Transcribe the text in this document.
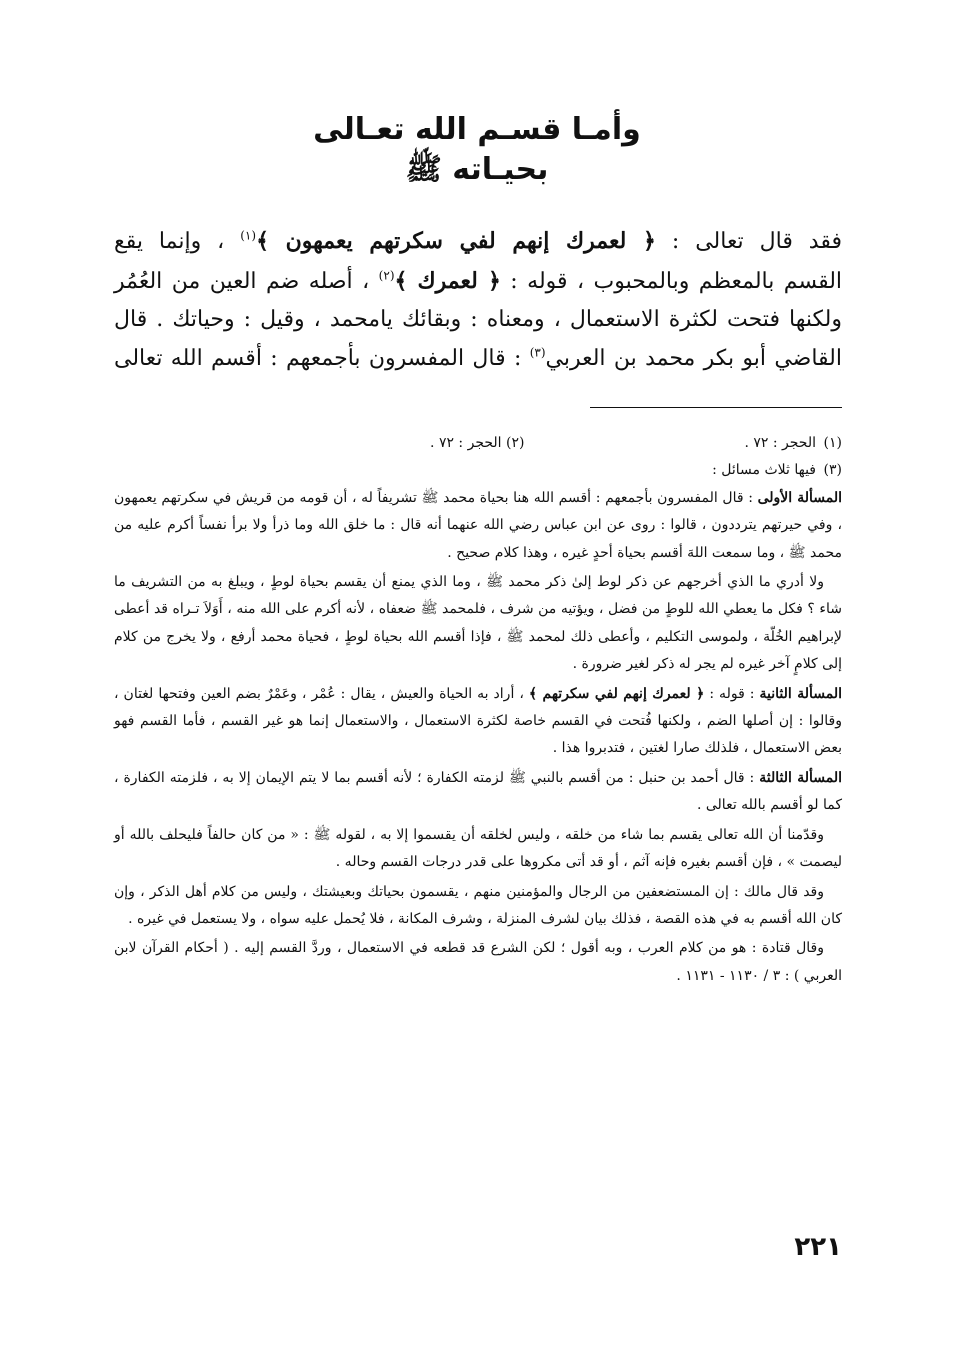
وأمـا قسـم الله تعـالى
بحيـاته ﷺ

فقد قال تعالى : ﴿ لعمرك إنهم لفي سكرتهم يعمهون ﴾$^{(١)}$ ، وإنما يقع

القسم بالمعظم وبالمحبوب ، قوله : ﴿ لعمرك ﴾$^{(٢)}$ ، أصله ضم العين من العُمُر

ولكنها فتحت لكثرة الاستعمال ، ومعناه : وبقائك يامحمد ، وقيل : وحياتك . قال

القاضي أبو بكر محمد بن العربي$^{(٣)}$ : قال المفسرون بأجمعهم : أقسم الله تعالى

(١)
الحجر : ٧٢ .(٢) الحجر : ٧٢ .
(٣)
فيها ثلاث مسائل :

المسألة الأولى : قال المفسرون بأجمعهم : أقسم الله هنا بحياة محمد ﷺ تشريفاً له ، أن قومه من قريش في سكرتهم يعمهون ، وفي حيرتهم يترددون ، قالوا : روى عن ابن عباس رضي الله عنهما أنه قال : ما خلق الله وما ذرأ ولا برأ نفساً أكرم عليه من محمد ﷺ ، وما سمعت اللهَ أقسم بحياة أحدٍ غيره ، وهذا كلام صحيح .

ولا أدري ما الذي أخرجهم عن ذكر لوط إلىٰ ذكر محمد ﷺ ، وما الذي يمنع أن يقسم بحياة لوطٍ ، ويبلغ به من التشريف ما شاء ؟ فكل ما يعطي الله للوطٍ من فضل ، ويؤتيه من شرف ، فلمحمد ﷺ ضعفاه ، لأنه أكرم على الله منه ، أَوَلاَ تـراه قد أعطى لإبراهيم الخُلّة ، ولموسى التكليم ، وأعطى ذلك لمحمد ﷺ ، فإذا أقسم الله بحياة لوطٍ ، فحياة محمد أرفع ، ولا يخرج من كلام إلى كلامٍ آخر غيره لم يجر له ذكر لغير ضرورة .

المسألة الثانية : قوله : ﴿ لعمرك إنهم لفي سكرتهم ﴾ ، أراد به الحياة والعيش ، يقال : عُمْر ، وعَمْرٌ بضم العين وفتحها لغتان ، وقالوا : إن أصلها الضم ، ولكنها فُتحت في القسم خاصة لكثرة الاستعمال ، والاستعمال إنما هو غير القسم ، فأما القسم فهو بعض الاستعمال ، فلذلك صارا لغتين ، فتدبروا هذا .

المسألة الثالثة : قال أحمد بن حنبل : من أقسم بالنبي ﷺ لزمته الكفارة ؛ لأنه أقسم بما لا يتم الإيمان إلا به ، فلزمته الكفارة ، كما لو أقسم بالله تعالى .

وقدّمنا أن الله تعالى يقسم بما شاء من خلقه ، وليس لخلقه أن يقسموا إلا به ، لقوله ﷺ : « من كان حالفاً فليحلف بالله أو ليصمت » ، فإن أقسم بغيره فإنه آثم ، أو قد أتى مكروها على قدر درجات القسم وحاله .

وقد قال مالك : إن المستضعفين من الرجال والمؤمنين منهم ، يقسمون بحياتك وبعيشتك ، وليس من كلام أهل الذكر ، وإن كان الله أقسم به في هذه القصة ، فذلك بيان لشرف المنزلة ، وشرف المكانة ، فلا يُحمل عليه سواه ، ولا يستعمل في غيره .

وقال قتادة : هو من كلام العرب ، وبه أقول ؛ لكن الشرع قد قطعه في الاستعمال ، وردَّ القسم إليه . ( أحكام القرآن لابن العربي ) : ٣ / ١١٣٠ - ١١٣١ .

٢٢١
